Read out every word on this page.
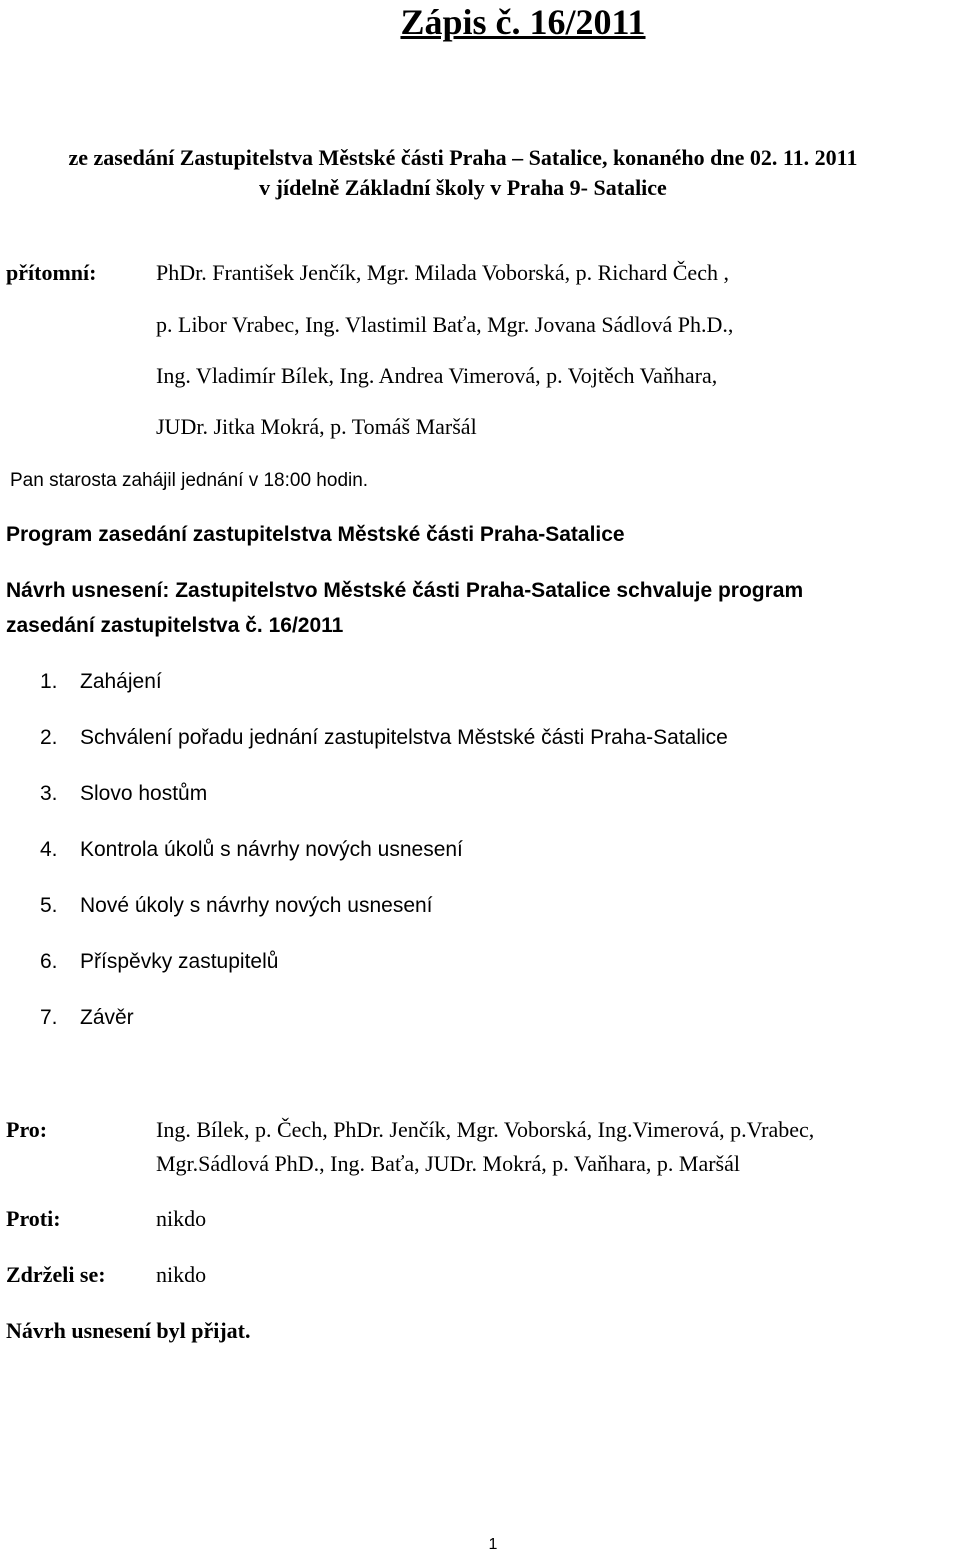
Zápis č. 16/2011
ze zasedání Zastupitelstva Městské části Praha – Satalice, konaného dne 02. 11. 2011
v jídelně Základní školy v Praha 9- Satalice
přítomní:	PhDr. František Jenčík, Mgr. Milada Voborská, p. Richard Čech ,
p. Libor Vrabec, Ing. Vlastimil Baťa, Mgr. Jovana Sádlová Ph.D.,
Ing. Vladimír Bílek, Ing. Andrea Vimerová, p. Vojtěch Vaňhara,
JUDr. Jitka Mokrá, p. Tomáš Maršál
Pan starosta zahájil jednání v 18:00 hodin.
Program zasedání zastupitelstva Městské části Praha-Satalice
Návrh usnesení: Zastupitelstvo Městské části Praha-Satalice schvaluje program
zasedání zastupitelstva č. 16/2011
1. Zahájení
2. Schválení pořadu jednání zastupitelstva Městské části Praha-Satalice
3. Slovo hostům
4. Kontrola úkolů s návrhy nových usnesení
5. Nové úkoly s návrhy nových usnesení
6. Příspěvky zastupitelů
7. Závěr
Pro:	Ing. Bílek, p. Čech, PhDr. Jenčík, Mgr. Voborská, Ing.Vimerová, p.Vrabec,
Mgr.Sádlová PhD., Ing. Baťa, JUDr. Mokrá, p. Vaňhara, p. Maršál
Proti:	nikdo
Zdrželi se: nikdo
Návrh usnesení byl přijat.
1
